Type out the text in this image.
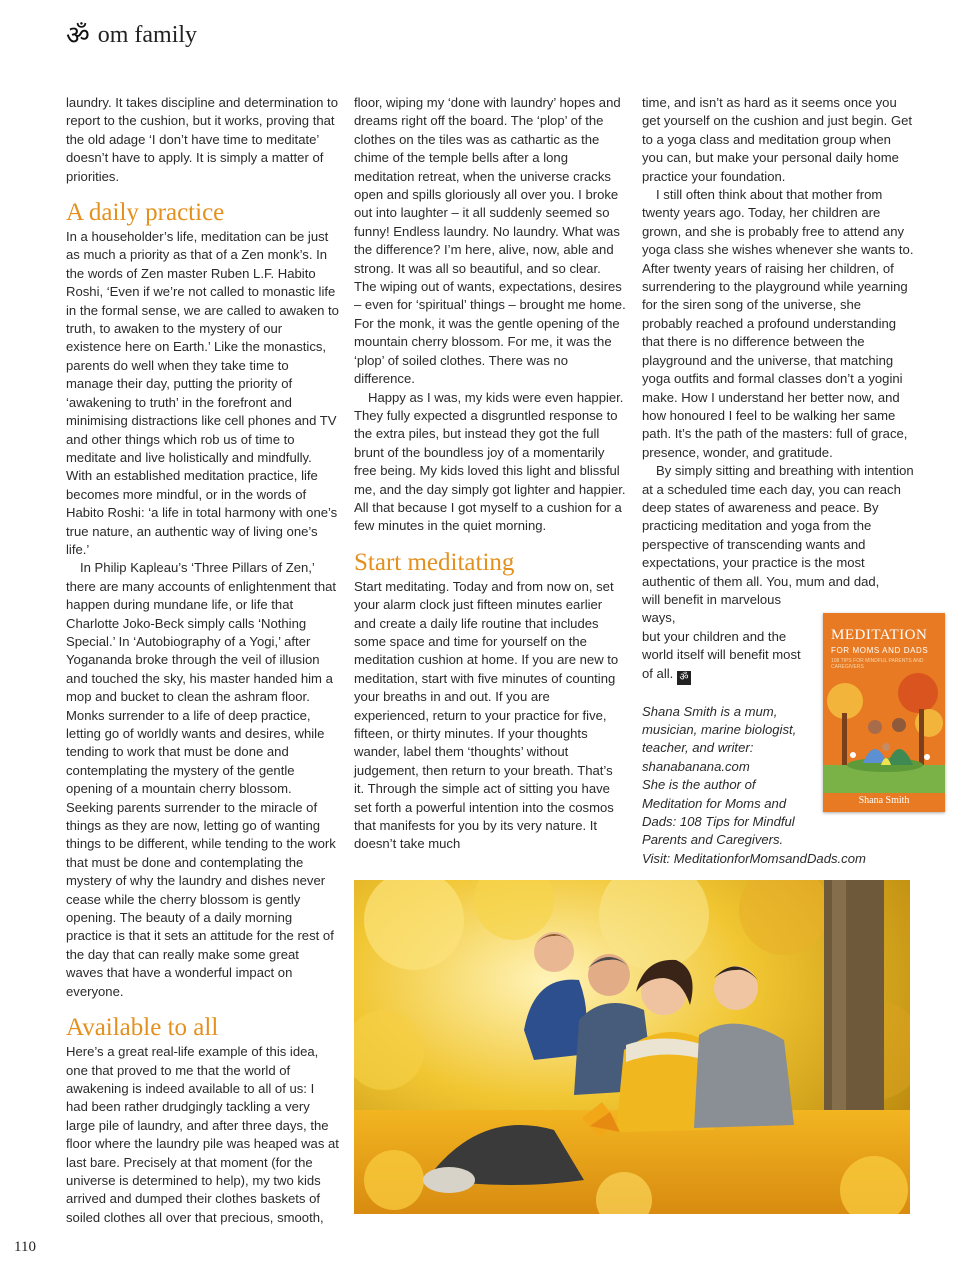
ॐ om family

laundry. It takes discipline and determination to report to the cushion, but it works, proving that the old adage ‘I don’t have time to meditate’ doesn’t have to apply. It is simply a matter of priorities.

A daily practice

In a householder’s life, meditation can be just as much a priority as that of a Zen monk’s. In the words of Zen master Ruben L.F. Habito Roshi, ‘Even if we’re not called to monastic life in the formal sense, we are called to awaken to truth, to awaken to the mystery of our existence here on Earth.’ Like the monastics, parents do well when they take time to manage their day, putting the priority of ‘awakening to truth’ in the forefront and minimising distractions like cell phones and TV and other things which rob us of time to meditate and live holistically and mindfully. With an established meditation practice, life becomes more mindful, or in the words of Habito Roshi: ‘a life in total harmony with one’s true nature, an authentic way of living one’s life.’

In Philip Kapleau’s ‘Three Pillars of Zen,’ there are many accounts of enlightenment that happen during mundane life, or life that Charlotte Joko-Beck simply calls ‘Nothing Special.’ In ‘Autobiography of a Yogi,’ after Yogananda broke through the veil of illusion and touched the sky, his master handed him a mop and bucket to clean the ashram floor. Monks surrender to a life of deep practice, letting go of worldly wants and desires, while tending to work that must be done and contemplating the mystery of the gentle opening of a mountain cherry blossom. Seeking parents surrender to the miracle of things as they are now, letting go of wanting things to be different, while tending to the work that must be done and contemplating the mystery of why the laundry and dishes never cease while the cherry blossom is gently opening. The beauty of a daily morning practice is that it sets an attitude for the rest of the day that can really make some great waves that have a wonderful impact on everyone.

Available to all

Here’s a great real-life example of this idea, one that proved to me that the world of awakening is indeed available to all of us: I had been rather drudgingly tackling a very large pile of laundry, and after three days, the floor where the laundry pile was heaped was at last bare. Precisely at that moment (for the universe is determined to help), my two kids arrived and dumped their clothes baskets of soiled clothes all over that precious, smooth,

floor, wiping my ‘done with laundry’ hopes and dreams right off the board. The ‘plop’ of the clothes on the tiles was as cathartic as the chime of the temple bells after a long meditation retreat, when the universe cracks open and spills gloriously all over you. I broke out into laughter – it all suddenly seemed so funny! Endless laundry. No laundry. What was the difference? I’m here, alive, now, able and strong. It was all so beautiful, and so clear. The wiping out of wants, expectations, desires – even for ‘spiritual’ things – brought me home. For the monk, it was the gentle opening of the mountain cherry blossom. For me, it was the ‘plop’ of soiled clothes. There was no difference.

Happy as I was, my kids were even happier. They fully expected a disgruntled response to the extra piles, but instead they got the full brunt of the boundless joy of a momentarily free being. My kids loved this light and blissful me, and the day simply got lighter and happier. All that because I got myself to a cushion for a few minutes in the quiet morning.

Start meditating

Start meditating. Today and from now on, set your alarm clock just fifteen minutes earlier and create a daily life routine that includes some space and time for yourself on the meditation cushion at home. If you are new to meditation, start with five minutes of counting your breaths in and out. If you are experienced, return to your practice for five, fifteen, or thirty minutes. If your thoughts wander, label them ‘thoughts’ without judgement, then return to your breath. That’s it. Through the simple act of sitting you have set forth a powerful intention into the cosmos that manifests for you by its very nature. It doesn’t take much

time, and isn’t as hard as it seems once you get yourself on the cushion and just begin. Get to a yoga class and meditation group when you can, but make your personal daily home practice your foundation.

I still often think about that mother from twenty years ago. Today, her children are grown, and she is probably free to attend any yoga class she wishes whenever she wants to. After twenty years of raising her children, of surrendering to the playground while yearning for the siren song of the universe, she probably reached a profound understanding that there is no difference between the playground and the universe, that matching yoga outfits and formal classes don’t a yogini make. How I understand her better now, and how honoured I feel to be walking her same path. It’s the path of the masters: full of grace, presence, wonder, and gratitude.

By simply sitting and breathing with intention at a scheduled time each day, you can reach deep states of awareness and peace. By practicing meditation and yoga from the perspective of transcending wants and expectations, your practice is the most authentic of them all. You, mum and dad,

will benefit in marvelous ways,
but your children and the
world itself will benefit most
of all. ॐ

Shana Smith is a mum,
musician, marine biologist,
teacher, and writer:
shanabanana.com
She is the author of
Meditation for Moms and
Dads: 108 Tips for Mindful
Parents and Caregivers.
Visit: MeditationforMomsandDads.com

MEDITATION
FOR MOMS AND DADS
108 TIPS FOR MINDFUL PARENTS AND CAREGIVERS
Shana Smith
110
